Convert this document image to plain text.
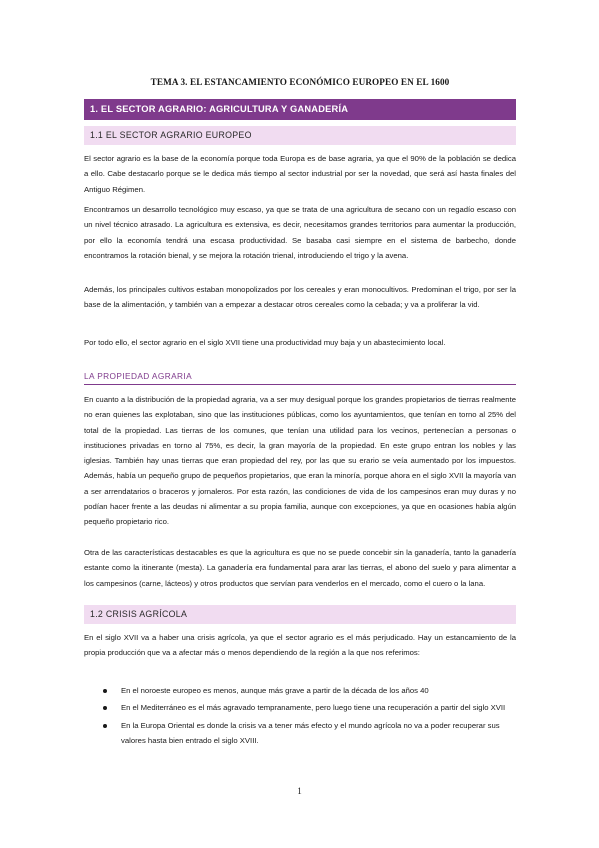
TEMA 3. EL ESTANCAMIENTO ECONÓMICO EUROPEO EN EL 1600
1. EL SECTOR AGRARIO: AGRICULTURA Y GANADERÍA
1.1 EL SECTOR AGRARIO EUROPEO

El sector agrario es la base de la economía porque toda Europa es de base agraria, ya que el 90% de la población se dedica a ello. Cabe destacarlo porque se le dedica más tiempo al sector industrial por ser la novedad, que será así hasta finales del Antiguo Régimen.

Encontramos un desarrollo tecnológico muy escaso, ya que se trata de una agricultura de secano con un regadío escaso con un nivel técnico atrasado. La agricultura es extensiva, es decir, necesitamos grandes territorios para aumentar la producción, por ello la economía tendrá una escasa productividad. Se basaba casi siempre en el sistema de barbecho, donde encontramos la rotación bienal, y se mejora la rotación trienal, introduciendo el trigo y la avena.

Además, los principales cultivos estaban monopolizados por los cereales y eran monocultivos. Predominan el trigo, por ser la base de la alimentación, y también van a empezar a destacar otros cereales como la cebada; y va a proliferar la vid.

Por todo ello, el sector agrario en el siglo XVII tiene una productividad muy baja y un abastecimiento local.

LA PROPIEDAD AGRARIA

En cuanto a la distribución de la propiedad agraria, va a ser muy desigual porque los grandes propietarios de tierras realmente no eran quienes las explotaban, sino que las instituciones públicas, como los ayuntamientos, que tenían en torno al 25% del total de la propiedad. Las tierras de los comunes, que tenían una utilidad para los vecinos, pertenecían a personas o instituciones privadas en torno al 75%, es decir, la gran mayoría de la propiedad. En este grupo entran los nobles y las iglesias. También hay unas tierras que eran propiedad del rey, por las que su erario se veía aumentado por los impuestos. Además, había un pequeño grupo de pequeños propietarios, que eran la minoría, porque ahora en el siglo XVII la mayoría van a ser arrendatarios o braceros y jornaleros. Por esta razón, las condiciones de vida de los campesinos eran muy duras y no podían hacer frente a las deudas ni alimentar a su propia familia, aunque con excepciones, ya que en ocasiones había algún pequeño propietario rico.

Otra de las características destacables es que la agricultura es que no se puede concebir sin la ganadería, tanto la ganadería estante como la itinerante (mesta). La ganadería era fundamental para arar las tierras, el abono del suelo y para alimentar a los campesinos (carne, lácteos) y otros productos que servían para venderlos en el mercado, como el cuero o la lana.

1.2 CRISIS AGRÍCOLA

En el siglo XVII va a haber una crisis agrícola, ya que el sector agrario es el más perjudicado. Hay un estancamiento de la propia producción que va a afectar más o menos dependiendo de la región a la que nos referimos:

En el noroeste europeo es menos, aunque más grave a partir de la década de los años 40
En el Mediterráneo es el más agravado tempranamente, pero luego tiene una recuperación a partir del siglo XVII
En la Europa Oriental es donde la crisis va a tener más efecto y el mundo agrícola no va a poder recuperar sus valores hasta bien entrado el siglo XVIII.
1
